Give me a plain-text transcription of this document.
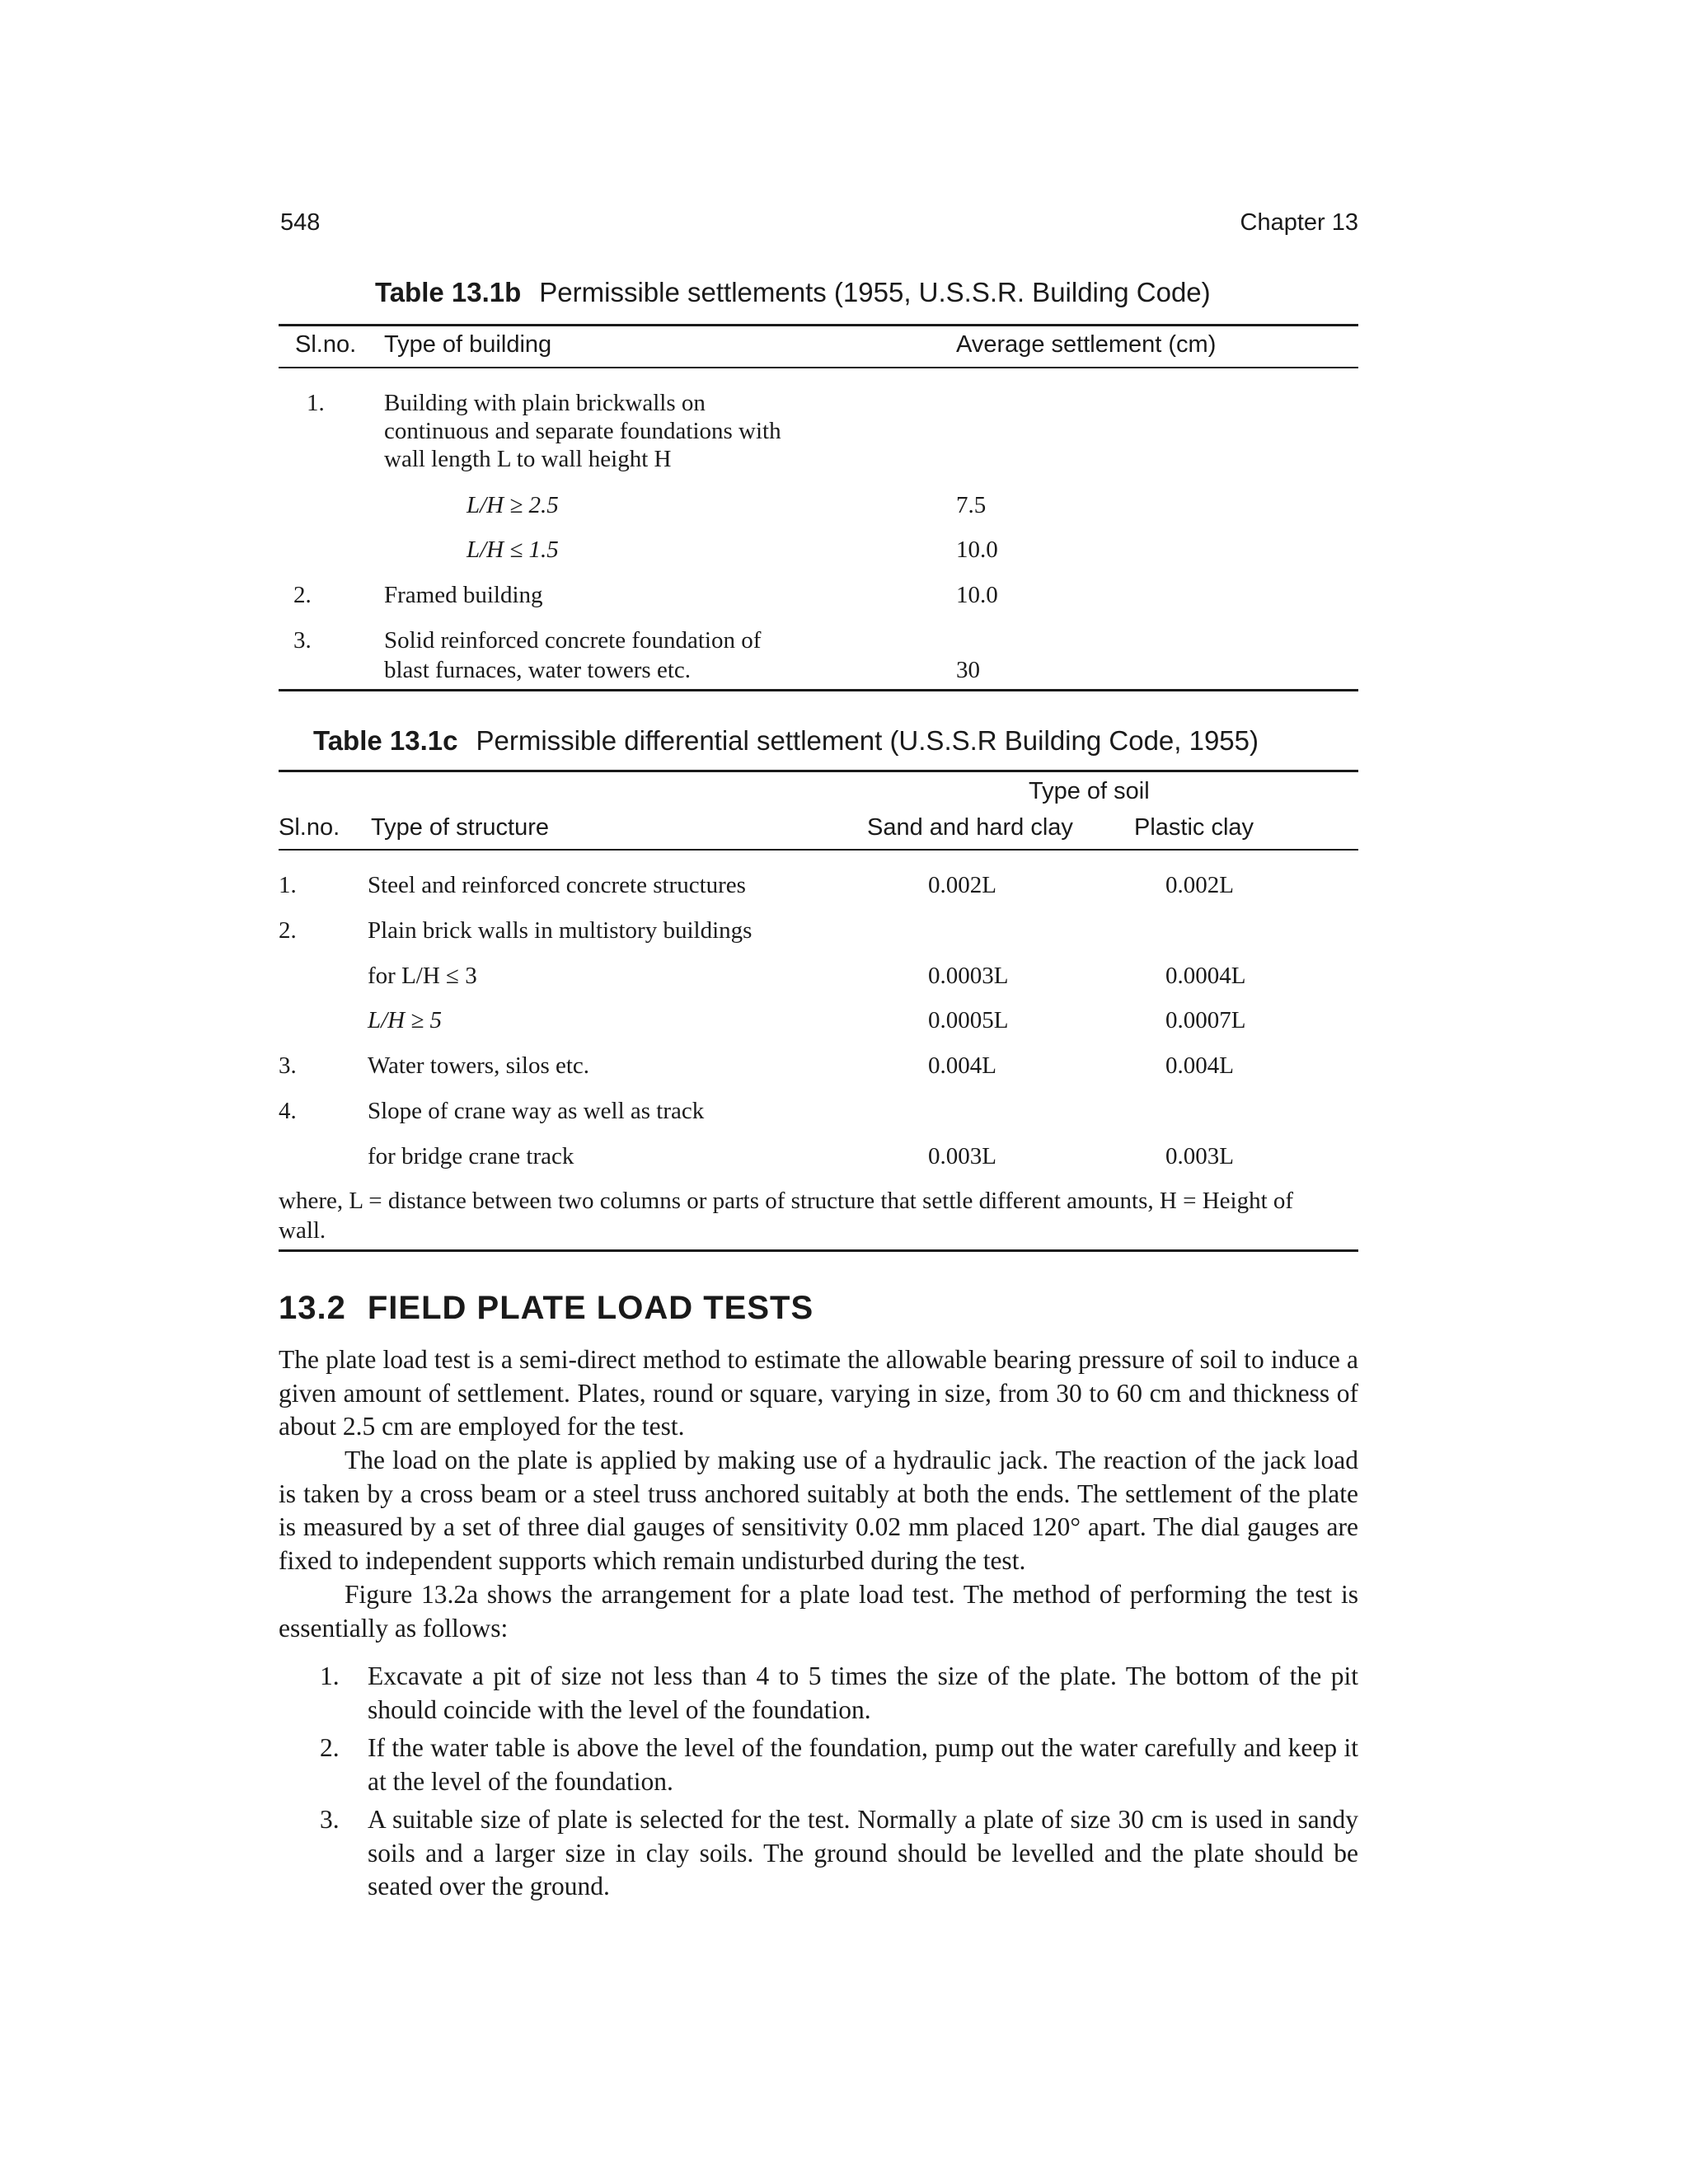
548	Chapter 13
Table 13.1b Permissible settlements (1955, U.S.S.R. Building Code)
Sl.no. Type of building	Average settlement (cm)
1. Building with plain brickwalls on
continuous and separate foundations with
wall length L to wall height H
L/H ≥ 2.5	7.5
L/H ≤ 1.5	10.0
2.	Framed building	10.0
3.	Solid reinforced concrete foundation of
blast furnaces, water towers etc.	30
Table 13.1c Permissible differential settlement (U.S.S.R Building Code, 1955)
Type of soil
Sl.no. Type of structure	Sand and hard clay	Plastic clay
1.	Steel and reinforced concrete structures	0.002L	0.002L
2.	Plain brick walls in multistory buildings
for L/H ≤ 3	0.0003L	0.0004L
L/H ≥ 5	0.0005L	0.0007L
3.	Water towers, silos etc.	0.004L	0.004L
4.	Slope of crane way as well as track
for bridge crane track	0.003L	0.003L
where, L = distance between two columns or parts of structure that settle different amounts, H = Height of
wall.
13.2 FIELD PLATE LOAD TESTS
The plate load test is a semi-direct method to estimate the allowable bearing pressure of soil to induce a given amount of settlement. Plates, round or square, varying in size, from 30 to 60 cm and thickness of about 2.5 cm are employed for the test.
The load on the plate is applied by making use of a hydraulic jack. The reaction of the jack load is taken by a cross beam or a steel truss anchored suitably at both the ends. The settlement of the plate is measured by a set of three dial gauges of sensitivity 0.02 mm placed 120° apart. The dial gauges are fixed to independent supports which remain undisturbed during the test.
Figure 13.2a shows the arrangement for a plate load test. The method of performing the test is essentially as follows:
1. Excavate a pit of size not less than 4 to 5 times the size of the plate. The bottom of the pit should coincide with the level of the foundation.
2. If the water table is above the level of the foundation, pump out the water carefully and keep it at the level of the foundation.
3. A suitable size of plate is selected for the test. Normally a plate of size 30 cm is used in sandy soils and a larger size in clay soils. The ground should be levelled and the plate should be seated over the ground.
